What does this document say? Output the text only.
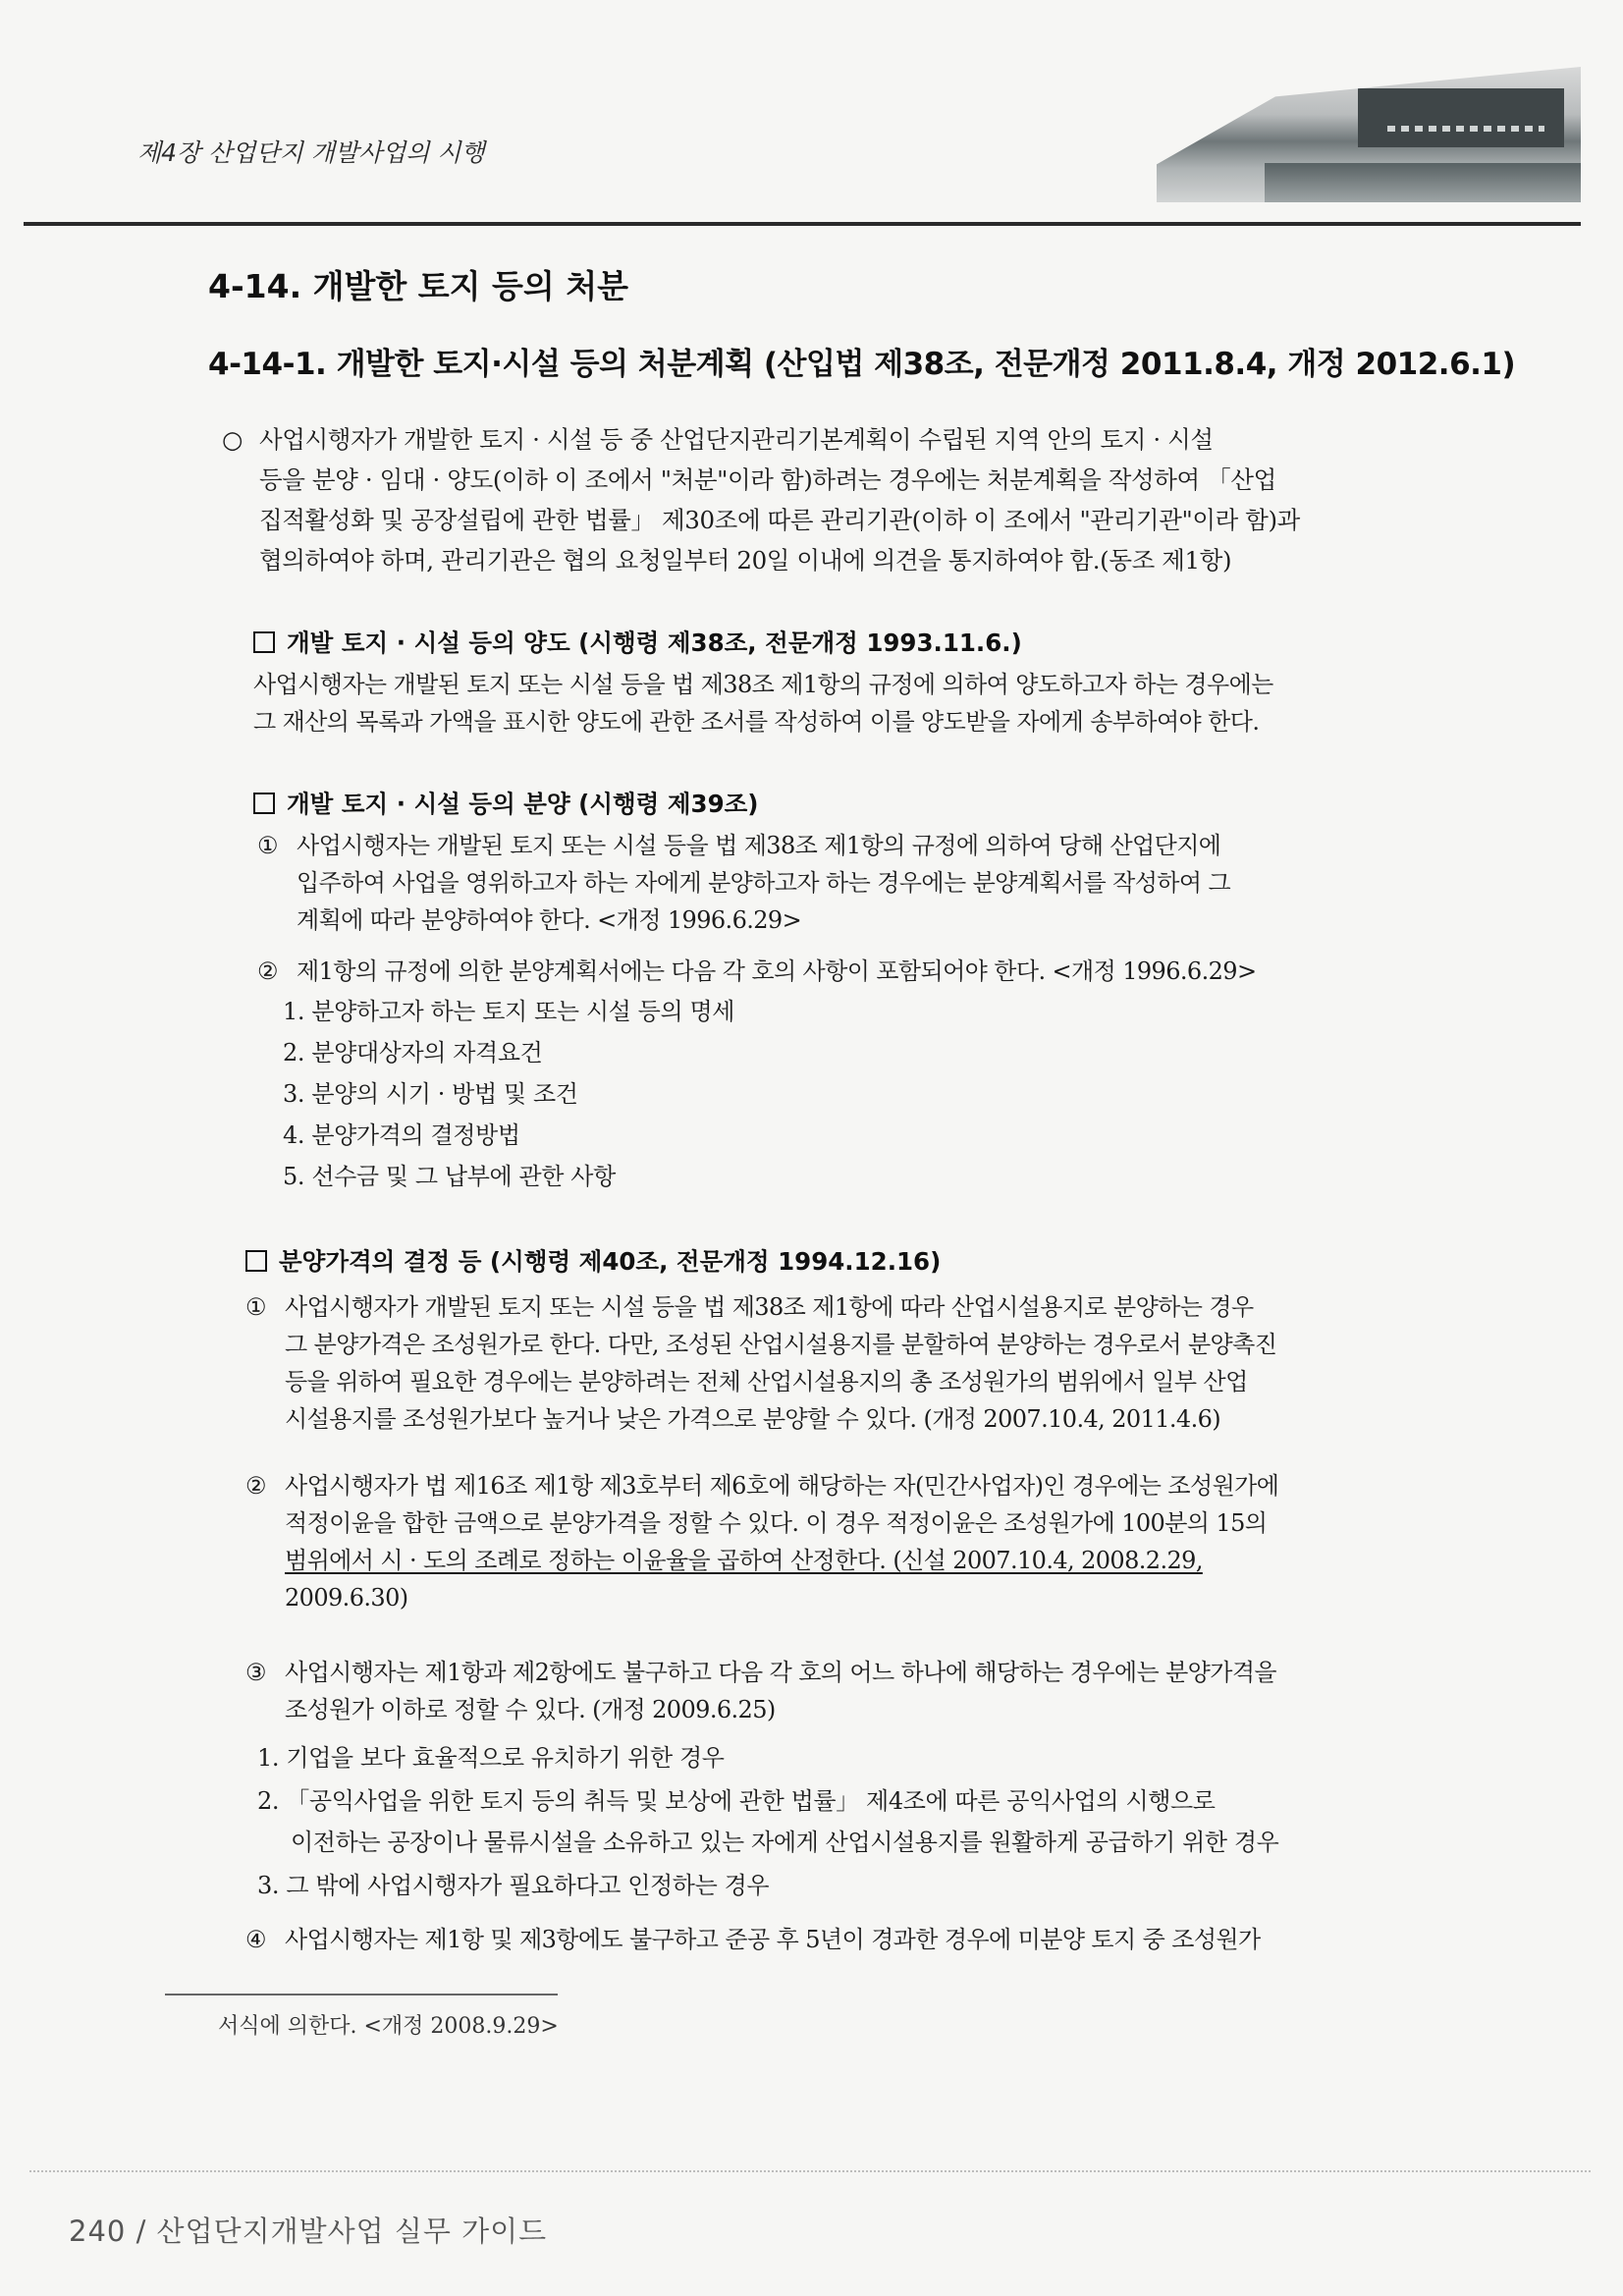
제4장 산업단지 개발사업의 시행
4-14. 개발한 토지 등의 처분
4-14-1. 개발한 토지·시설 등의 처분계획 (산입법 제38조, 전문개정 2011.8.4, 개정 2012.6.1)
○ 사업시행자가 개발한 토지 · 시설 등 중 산업단지관리기본계획이 수립된 지역 안의 토지 · 시설
등을 분양 · 임대 · 양도(이하 이 조에서 "처분"이라 함)하려는 경우에는 처분계획을 작성하여 「산업
집적활성화 및 공장설립에 관한 법률」 제30조에 따른 관리기관(이하 이 조에서 "관리기관"이라 함)과
협의하여야 하며, 관리기관은 협의 요청일부터 20일 이내에 의견을 통지하여야 함.(동조 제1항)
개발 토지 · 시설 등의 양도 (시행령 제38조, 전문개정 1993.11.6.)
사업시행자는 개발된 토지 또는 시설 등을 법 제38조 제1항의 규정에 의하여 양도하고자 하는 경우에는
그 재산의 목록과 가액을 표시한 양도에 관한 조서를 작성하여 이를 양도받을 자에게 송부하여야 한다.
개발 토지 · 시설 등의 분양 (시행령 제39조)
① 사업시행자는 개발된 토지 또는 시설 등을 법 제38조 제1항의 규정에 의하여 당해 산업단지에
입주하여 사업을 영위하고자 하는 자에게 분양하고자 하는 경우에는 분양계획서를 작성하여 그
계획에 따라 분양하여야 한다. <개정 1996.6.29>
② 제1항의 규정에 의한 분양계획서에는 다음 각 호의 사항이 포함되어야 한다. <개정 1996.6.29>
1. 분양하고자 하는 토지 또는 시설 등의 명세
2. 분양대상자의 자격요건
3. 분양의 시기 · 방법 및 조건
4. 분양가격의 결정방법
5. 선수금 및 그 납부에 관한 사항
분양가격의 결정 등 (시행령 제40조, 전문개정 1994.12.16)
① 사업시행자가 개발된 토지 또는 시설 등을 법 제38조 제1항에 따라 산업시설용지로 분양하는 경우
그 분양가격은 조성원가로 한다. 다만, 조성된 산업시설용지를 분할하여 분양하는 경우로서 분양촉진
등을 위하여 필요한 경우에는 분양하려는 전체 산업시설용지의 총 조성원가의 범위에서 일부 산업
시설용지를 조성원가보다 높거나 낮은 가격으로 분양할 수 있다. (개정 2007.10.4, 2011.4.6)
② 사업시행자가 법 제16조 제1항 제3호부터 제6호에 해당하는 자(민간사업자)인 경우에는 조성원가에
적정이윤을 합한 금액으로 분양가격을 정할 수 있다. 이 경우 적정이윤은 조성원가에 100분의 15의
범위에서 시 · 도의 조례로 정하는 이윤율을 곱하여 산정한다. (신설 2007.10.4, 2008.2.29,
2009.6.30)
③ 사업시행자는 제1항과 제2항에도 불구하고 다음 각 호의 어느 하나에 해당하는 경우에는 분양가격을
조성원가 이하로 정할 수 있다. (개정 2009.6.25)
1. 기업을 보다 효율적으로 유치하기 위한 경우
2. 「공익사업을 위한 토지 등의 취득 및 보상에 관한 법률」 제4조에 따른 공익사업의 시행으로
이전하는 공장이나 물류시설을 소유하고 있는 자에게 산업시설용지를 원활하게 공급하기 위한 경우
3. 그 밖에 사업시행자가 필요하다고 인정하는 경우
④ 사업시행자는 제1항 및 제3항에도 불구하고 준공 후 5년이 경과한 경우에 미분양 토지 중 조성원가
서식에 의한다. <개정 2008.9.29>
240 / 산업단지개발사업 실무 가이드
